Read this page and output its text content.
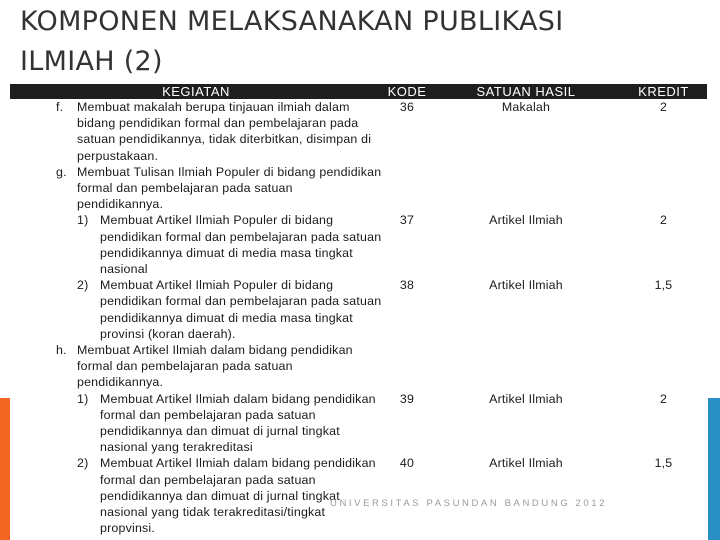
KOMPONEN MELAKSANAKAN PUBLIKASI
ILMIAH (2)
KEGIATAN	KODE	SATUAN HASIL	KREDIT

f. Membuat makalah berupa tinjauan ilmiah dalam bidang pendidikan formal dan pembelajaran pada satuan pendidikannya, tidak diterbitkan, disimpan di perpustakaan.	36	Makalah	2

g. Membuat Tulisan Ilmiah Populer di bidang pendidikan formal dan pembelajaran pada satuan pendidikannya.			

1) Membuat Artikel Ilmiah Populer di bidang pendidikan formal dan pembelajaran pada satuan pendidikannya dimuat di media masa tingkat nasional	37	Artikel Ilmiah	2

2) Membuat Artikel Ilmiah Populer di bidang pendidikan formal dan pembelajaran pada satuan pendidikannya dimuat di media masa tingkat provinsi (koran daerah).	38	Artikel Ilmiah	1,5

h. Membuat Artikel Ilmiah dalam bidang pendidikan formal dan pembelajaran pada satuan pendidikannya.			

1) Membuat Artikel Ilmiah dalam bidang pendidikan formal dan pembelajaran pada satuan pendidikannya dan dimuat di jurnal tingkat nasional yang terakreditasi	39	Artikel Ilmiah	2

2) Membuat Artikel Ilmiah dalam bidang pendidikan formal dan pembelajaran pada satuan pendidikannya dan dimuat di jurnal tingkat nasional yang tidak terakreditasi/tingkat propvinsi.	40	Artikel Ilmiah	1,5
UNIVERSITAS PASUNDAN BANDUNG 2012
